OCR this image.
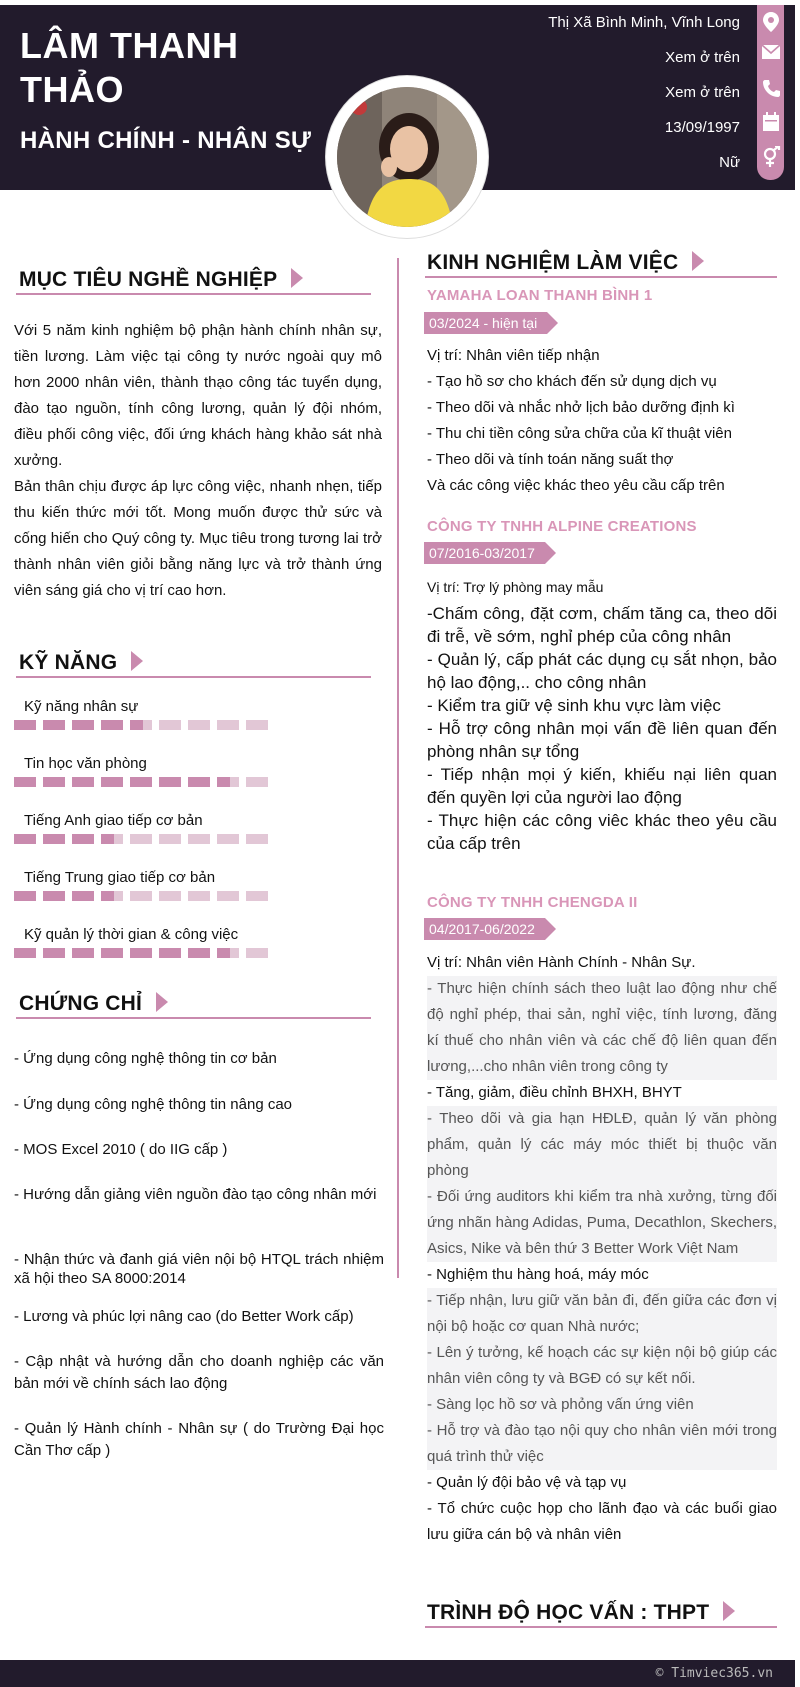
LÂM THANH THẢO
HÀNH CHÍNH - NHÂN SỰ
Thị Xã Bình Minh, Vĩnh Long
Xem ở trên
Xem ở trên
13/09/1997
Nữ
MỤC TIÊU NGHỀ NGHIỆP

Với 5 năm kinh nghiệm bộ phận hành chính nhân sự, tiền lương. Làm việc tại công ty nước ngoài quy mô hơn 2000 nhân viên, thành thạo công tác tuyển dụng, đào tạo nguồn, tính công lương, quản lý đội nhóm, điều phối công việc, đối ứng khách hàng khảo sát nhà xưởng.

Bản thân chịu được áp lực công việc, nhanh nhẹn, tiếp thu kiến thức mới tốt. Mong muốn được thử sức và cống hiến cho Quý công ty. Mục tiêu trong tương lai trở thành nhân viên giỏi bằng năng lực và trở thành ứng viên sáng giá cho vị trí cao hơn.

KỸ NĂNG
Kỹ năng nhân sự
Tin học văn phòng
Tiếng Anh giao tiếp cơ bản
Tiếng Trung giao tiếp cơ bản
Kỹ quản lý thời gian & công việc
CHỨNG CHỈ
- Ứng dụng công nghệ thông tin cơ bản
- Ứng dụng công nghệ thông tin nâng cao
- MOS Excel 2010 ( do IIG cấp )
- Hướng dẫn giảng viên nguồn đào tạo công nhân mới
- Nhận thức và đanh giá viên nội bộ HTQL trách nhiệm xã hội theo SA 8000:2014
- Lương và phúc lợi nâng cao (do Better Work cấp)
- Cập nhật và hướng dẫn cho doanh nghiệp các văn bản mới về chính sách lao động
- Quản lý Hành chính - Nhân sự ( do Trường Đại học Cần Thơ cấp )
KINH NGHIỆM LÀM VIỆC
YAMAHA LOAN THANH BÌNH 1
03/2024 - hiện tại
Vị trí: Nhân viên tiếp nhận
- Tạo hồ sơ cho khách đến sử dụng dịch vụ
- Theo dõi và nhắc nhở lịch bảo dưỡng định kì
- Thu chi tiền công sửa chữa của kĩ thuật viên
- Theo dõi và tính toán năng suất thợ
Và các công việc khác theo yêu cầu cấp trên
CÔNG TY TNHH ALPINE CREATIONS
07/2016-03/2017
Vị trí: Trợ lý phòng may mẫu
-Chấm công, đặt cơm, chấm tăng ca, theo dõi đi trễ, về sớm, nghỉ phép của công nhân
- Quản lý, cấp phát các dụng cụ sắt nhọn, bảo hộ lao động,.. cho công nhân
- Kiểm tra giữ vệ sinh khu vực làm việc
- Hỗ trợ công nhân mọi vấn đề liên quan đến phòng nhân sự tổng
- Tiếp nhận mọi ý kiến, khiếu nại liên quan đến quyền lợi của người lao động
- Thực hiện các công viêc khác theo yêu cầu của cấp trên
CÔNG TY TNHH CHENGDA II
04/2017-06/2022
Vị trí: Nhân viên Hành Chính - Nhân Sự.
- Thực hiện chính sách theo luật lao động như chế độ nghỉ phép, thai sản, nghỉ việc, tính lương, đăng kí thuế cho nhân viên và các chế độ liên quan đến lương,...cho nhân viên trong công ty
- Tăng, giảm, điều chỉnh BHXH, BHYT
- Theo dõi và gia hạn HĐLĐ, quản lý văn phòng phẩm, quản lý các máy móc thiết bị thuộc văn phòng
- Đối ứng auditors khi kiểm tra nhà xưởng, từng đối ứng nhãn hàng Adidas, Puma, Decathlon, Skechers, Asics, Nike và bên thứ 3 Better Work Việt Nam
- Nghiệm thu hàng hoá, máy móc
- Tiếp nhận, lưu giữ văn bản đi, đến giữa các đơn vị nội bộ hoặc cơ quan Nhà nước;
- Lên ý tưởng, kế hoạch các sự kiện nội bộ giúp các nhân viên công ty và BGĐ có sự kết nối.
- Sàng lọc hồ sơ và phỏng vấn ứng viên
- Hỗ trợ và đào tạo nội quy cho nhân viên mới trong quá trình thử việc
- Quản lý đội bảo vệ và tạp vụ
- Tổ chức cuộc họp cho lãnh đạo và các buổi giao lưu giữa cán bộ và nhân viên
TRÌNH ĐỘ HỌC VẤN : THPT
© Timviec365.vn
